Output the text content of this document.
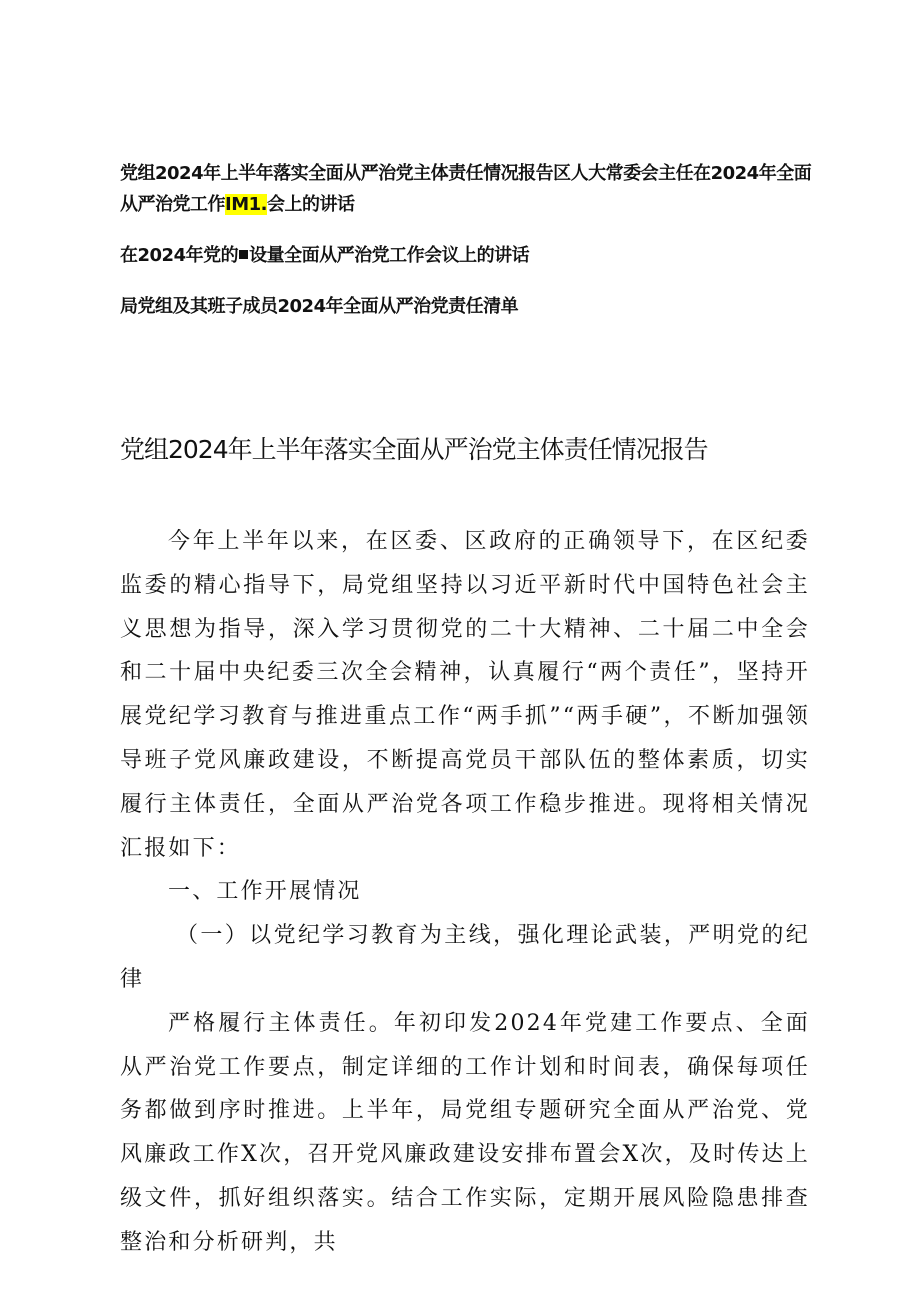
党组2024年上半年落实全面从严治党主体责任情况报告区人大常委会主任在2024年全面从严治党工作IM1.会上的讲话
在2024年党的 设量全面从严治党工作会议上的讲话
局党组及其班子成员2024年全面从严治党责任清单
党组2024年上半年落实全面从严治党主体责任情况报告

今年上半年以来，在区委、区政府的正确领导下，在区纪委监委的精心指导下，局党组坚持以习近平新时代中国特色社会主义思想为指导，深入学习贯彻党的二十大精神、二十届二中全会和二十届中央纪委三次全会精神，认真履行“两个责任”，坚持开展党纪学习教育与推进重点工作“两手抓”“两手硬”，不断加强领导班子党风廉政建设，不断提高党员干部队伍的整体素质，切实履行主体责任，全面从严治党各项工作稳步推进。现将相关情况汇报如下：

一、工作开展情况

（一）以党纪学习教育为主线，强化理论武装，严明党的纪律

严格履行主体责任。年初印发2024年党建工作要点、全面从严治党工作要点，制定详细的工作计划和时间表，确保每项任务都做到序时推进。上半年，局党组专题研究全面从严治党、党风廉政工作X次，召开党风廉政建设安排布置会X次，及时传达上级文件，抓好组织落实。结合工作实际，定期开展风险隐患排查整治和分析研判，共
